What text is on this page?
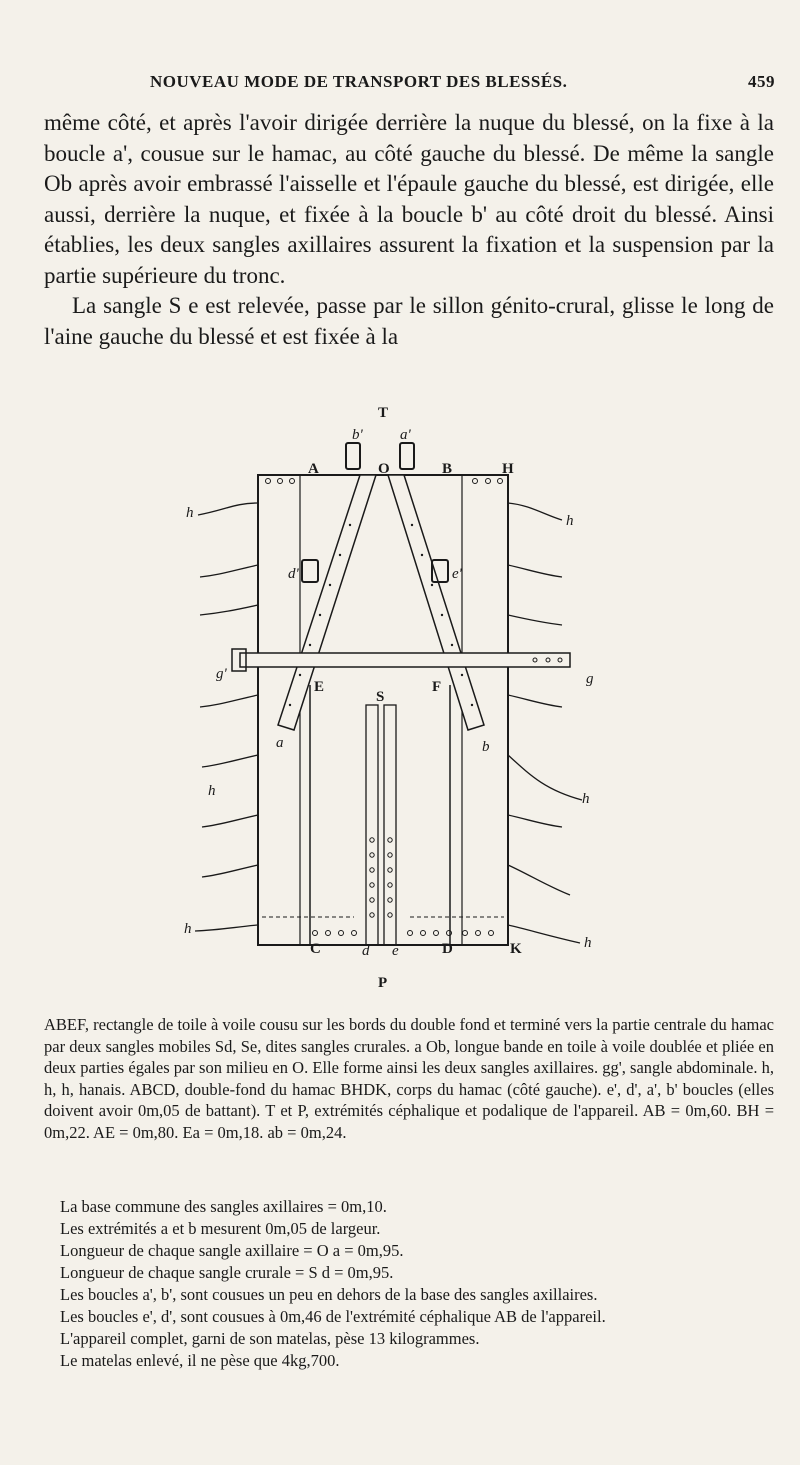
NOUVEAU MODE DE TRANSPORT DES BLESSÉS.	459

même côté, et après l'avoir dirigée derrière la nuque du blessé, on la fixe à la boucle a', cousue sur le hamac, au côté gauche du blessé. De même la sangle Ob après avoir embrassé l'aisselle et l'épaule gauche du blessé, est dirigée, elle aussi, derrière la nuque, et fixée à la boucle b' au côté droit du blessé. Ainsi établies, les deux sangles axillaires assurent la fixation et la suspension par la partie supérieure du tronc.

La sangle S e est relevée, passe par le sillon génito-crural, glisse le long de l'aine gauche du blessé et est fixée à la

T
P
A	O	B	H
E	F
S
C	D	K
a	b
b' a'
d'	e'
g'	g
h	h
h	h
h
h
d e

ABEF, rectangle de toile à voile cousu sur les bords du double fond et terminé vers la partie centrale du hamac par deux sangles mobiles Sd, Se, dites sangles crurales. a Ob, longue bande en toile à voile doublée et pliée en deux parties égales par son milieu en O. Elle forme ainsi les deux sangles axillaires. gg', sangle abdominale. h, h, h, hanais. ABCD, double-fond du hamac BHDK, corps du hamac (côté gauche). e', d', a', b' boucles (elles doivent avoir 0m,05 de battant). T et P, extrémités céphalique et podalique de l'appareil. AB = 0m,60. BH = 0m,22. AE = 0m,80. Ea = 0m,18. ab = 0m,24.

La base commune des sangles axillaires = 0m,10.
Les extrémités a et b mesurent 0m,05 de largeur.
Longueur de chaque sangle axillaire = O a = 0m,95.
Longueur de chaque sangle crurale = S d = 0m,95.
Les boucles a', b', sont cousues un peu en dehors de la base des sangles axillaires.
Les boucles e', d', sont cousues à 0m,46 de l'extrémité céphalique AB de l'appareil.
L'appareil complet, garni de son matelas, pèse 13 kilogrammes.
Le matelas enlevé, il ne pèse que 4kg,700.
